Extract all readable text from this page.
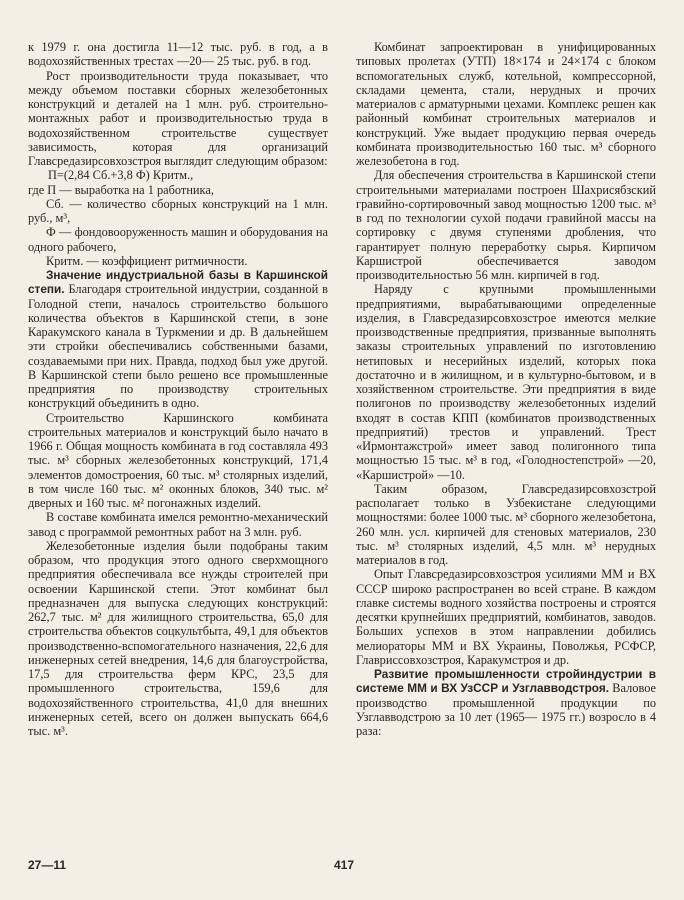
к 1979 г. она достигла 11—12 тыс. руб. в год, а в водохозяйственных трестах —20— 25 тыс. руб. в год.

Рост производительности труда показывает, что между объемом поставки сборных железобетонных конструкций и деталей на 1 млн. руб. строительно-монтажных работ и производительностью труда в водохозяйственном строительстве существует зависимость, которая для организаций Главсредазирсовхозстроя выглядит следующим образом:

П=(2,84 Сб.+3,8 Ф) Критм.,

где П — выработка на 1 работника,

Сб. — количество сборных конструкций на 1 млн. руб., м³,

Ф — фондовооруженность машин и оборудования на одного рабочего,

Критм. — коэффициент ритмичности.

Значение индустриальной базы в Каршинской степи. Благодаря строительной индустрии, созданной в Голодной степи, началось строительство большого количества объектов в Каршинской степи, в зоне Каракумского канала в Туркмении и др. В дальнейшем эти стройки обеспечивались собственными базами, создаваемыми при них. Правда, подход был уже другой. В Каршинской степи было решено все промышленные предприятия по производству строительных конструкций объединить в одно.

Строительство Каршинского комбината строительных материалов и конструкций было начато в 1966 г. Общая мощность комбината в год составляла 493 тыс. м³ сборных железобетонных конструкций, 171,4 элементов домостроения, 60 тыс. м³ столярных изделий, в том числе 160 тыс. м² оконных блоков, 340 тыс. м² дверных и 160 тыс. м² погонажных изделий.

В составе комбината имелся ремонтно-механический завод с программой ремонтных работ на 3 млн. руб.

Железобетонные изделия были подобраны таким образом, что продукция этого одного сверхмощного предприятия обеспечивала все нужды строителей при освоении Каршинской степи. Этот комбинат был предназначен для выпуска следующих конструкций: 262,7 тыс. м² для жилищного строительства, 65,0 для строительства объектов соцкультбыта, 49,1 для объектов производственно-вспомогательного назначения, 22,6 для инженерных сетей внедрения, 14,6 для благоустройства, 17,5 для строительства ферм КРС, 23,5 для промышленного строительства, 159,6 для водохозяйственного строительства, 41,0 для внешних инженерных сетей, всего он должен выпускать 664,6 тыс. м³.

Комбинат запроектирован в унифицированных типовых пролетах (УТП) 18×174 и 24×174 с блоком вспомогательных служб, котельной, компрессорной, складами цемента, стали, нерудных и прочих материалов с арматурными цехами. Комплекс решен как районный комбинат строительных материалов и конструкций. Уже выдает продукцию первая очередь комбината производительностью 160 тыс. м³ сборного железобетона в год.

Для обеспечения строительства в Каршинской степи строительными материалами построен Шахрисябзский гравийно-сортировочный завод мощностью 1200 тыс. м³ в год по технологии сухой подачи гравийной массы на сортировку с двумя ступенями дробления, что гарантирует полную переработку сырья. Кирпичом Каршистрой обеспечивается заводом производительностью 56 млн. кирпичей в год.

Наряду с крупными промышленными предприятиями, вырабатывающими определенные изделия, в Главсредазирсовхозстрое имеются мелкие производственные предприятия, призванные выполнять заказы строительных управлений по изготовлению нетиповых и несерийных изделий, которых пока достаточно и в жилищном, и в культурно-бытовом, и в хозяйственном строительстве. Эти предприятия в виде полигонов по производству железобетонных изделий входят в состав КПП (комбинатов производственных предприятий) трестов и управлений. Трест «Ирмонтажстрой» имеет завод полигонного типа мощностью 15 тыс. м³ в год, «Голодностепстрой» —20, «Каршистрой» —10.

Таким образом, Главсредазирсовхозстрой располагает только в Узбекистане следующими мощностями: более 1000 тыс. м³ сборного железобетона, 260 млн. усл. кирпичей для стеновых материалов, 230 тыс. м³ столярных изделий, 4,5 млн. м³ нерудных материалов в год.

Опыт Главсредазирсовхозстроя усилиями ММ и ВХ СССР широко распространен во всей стране. В каждом главке системы водного хозяйства построены и строятся десятки крупнейших предприятий, комбинатов, заводов. Больших успехов в этом направлении добились мелиораторы ММ и ВХ Украины, Поволжья, РСФСР, Главриссовхозстроя, Каракумстроя и др.

Развитие промышленности стройиндустрии в системе ММ и ВХ УзССР и Узглавводстроя. Валовое производство промышленной продукции по Узглавводстрою за 10 лет (1965— 1975 гг.) возросло в 4 раза:

27—11	417
